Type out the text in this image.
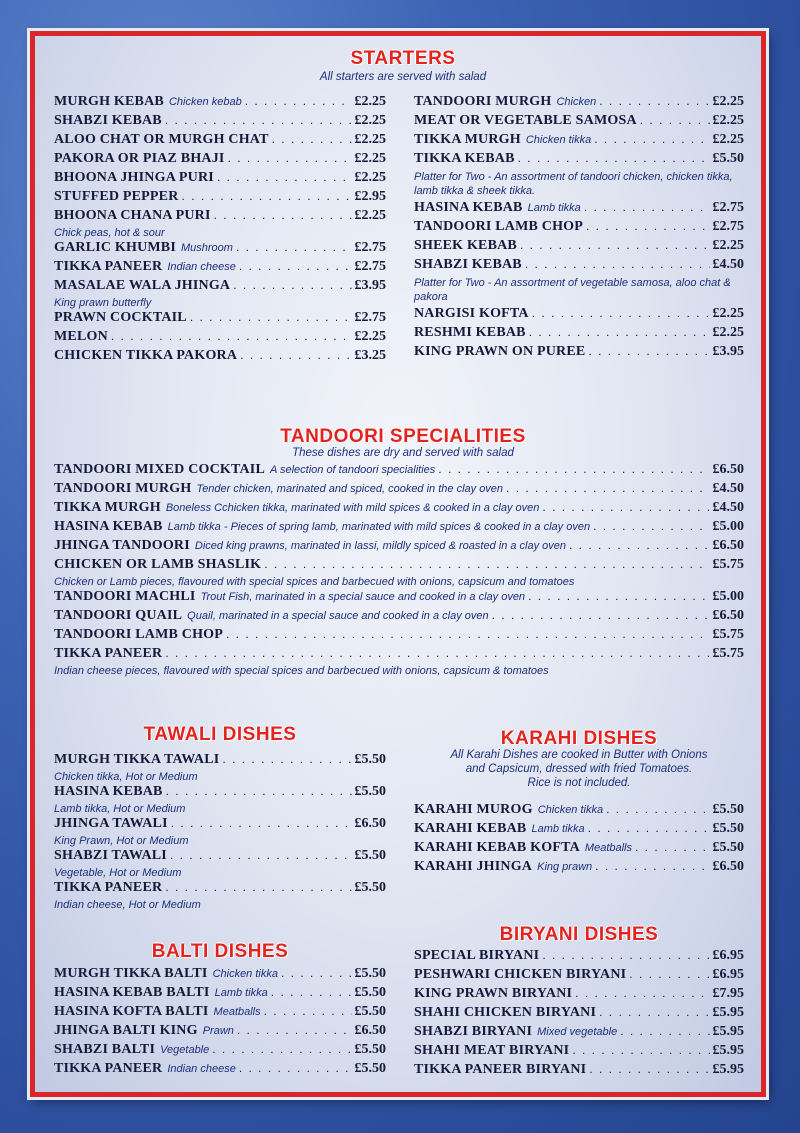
STARTERS
All starters are served with salad
MURGH KEBAB Chicken kebab . . .	£2.25
SHABZI KEBAB . . .	£2.25
ALOO CHAT OR MURGH CHAT . . .	£2.25
PAKORA OR PIAZ BHAJI . . .	£2.25
BHOONA JHINGA PURI . . .	£2.25
STUFFED PEPPER . . .	£2.95
BHOONA CHANA PURI . . .	£2.25
Chick peas, hot & sour
GARLIC KHUMBI Mushroom . . .	£2.75
TIKKA PANEER Indian cheese . . .	£2.75
MASALAE WALA JHINGA . . .	£3.95
King prawn butterfly
PRAWN COCKTAIL . . .	£2.75
MELON . . .	£2.25
CHICKEN TIKKA PAKORA . . .	£3.25
TANDOORI MURGH Chicken . . .	£2.25
MEAT OR VEGETABLE SAMOSA . . .	£2.25
TIKKA MURGH Chicken tikka . . .	£2.25
TIKKA KEBAB . . .	£5.50
Platter for Two - An assortment of tandoori chicken, chicken tikka, lamb tikka & sheek tikka.
HASINA KEBAB Lamb tikka . . .	£2.75
TANDOORI LAMB CHOP . . .	£2.75
SHEEK KEBAB . . .	£2.25
SHABZI KEBAB . . .	£4.50
Platter for Two - An assortment of vegetable samosa, aloo chat & pakora
NARGISI KOFTA . . .	£2.25
RESHMI KEBAB . . .	£2.25
KING PRAWN ON PUREE . . .	£3.95
TANDOORI SPECIALITIES
These dishes are dry and served with salad
TANDOORI MIXED COCKTAIL A selection of tandoori specialities . . .	£6.50
TANDOORI MURGH Tender chicken, marinated and spiced, cooked in the clay oven . . .	£4.50
TIKKA MURGH Boneless Cchicken tikka, marinated with mild spices & cooked in a clay oven . . .	£4.50
HASINA KEBAB Lamb tikka - Pieces of spring lamb, marinated with mild spices & cooked in a clay oven . . .	£5.00
JHINGA TANDOORI Diced king prawns, marinated in lassi, mildly spiced & roasted in a clay oven . . .	£6.50
CHICKEN OR LAMB SHASLIK . . .	£5.75
Chicken or Lamb pieces, flavoured with special spices and barbecued with onions, capsicum and tomatoes
TANDOORI MACHLI Trout Fish, marinated in a special sauce and cooked in a clay oven . . .	£5.00
TANDOORI QUAIL Quail, marinated in a special sauce and cooked in a clay oven . . .	£6.50
TANDOORI LAMB CHOP . . .	£5.75
TIKKA PANEER . . .	£5.75
Indian cheese pieces, flavoured with special spices and barbecued with onions, capsicum & tomatoes
TAWALI DISHES
MURGH TIKKA TAWALI . . .	£5.50
Chicken tikka, Hot or Medium
HASINA KEBAB . . .	£5.50
Lamb tikka, Hot or Medium
JHINGA TAWALI . . .	£6.50
King Prawn, Hot or Medium
SHABZI TAWALI . . .	£5.50
Vegetable, Hot or Medium
TIKKA PANEER . . .	£5.50
Indian cheese, Hot or Medium
BALTI DISHES
MURGH TIKKA BALTI Chicken tikka . . .	£5.50
HASINA KEBAB BALTI Lamb tikka . . .	£5.50
HASINA KOFTA BALTI Meatballs . . .	£5.50
JHINGA BALTI KING Prawn . . .	£6.50
SHABZI BALTI Vegetable . . .	£5.50
TIKKA PANEER Indian cheese . . .	£5.50
KARAHI DISHES
All Karahi Dishes are cooked in Butter with Onions
and Capsicum, dressed with fried Tomatoes.
Rice is not included.
KARAHI MUROG Chicken tikka . . .	£5.50
KARAHI KEBAB Lamb tikka . . .	£5.50
KARAHI KEBAB KOFTA Meatballs . . .	£5.50
KARAHI JHINGA King prawn . . .	£6.50
BIRYANI DISHES
SPECIAL BIRYANI . . .	£6.95
PESHWARI CHICKEN BIRYANI . . .	£6.95
KING PRAWN BIRYANI . . .	£7.95
SHAHI CHICKEN BIRYANI . . .	£5.95
SHABZI BIRYANI Mixed vegetable . . .	£5.95
SHAHI MEAT BIRYANI . . .	£5.95
TIKKA PANEER BIRYANI . . .	£5.95
